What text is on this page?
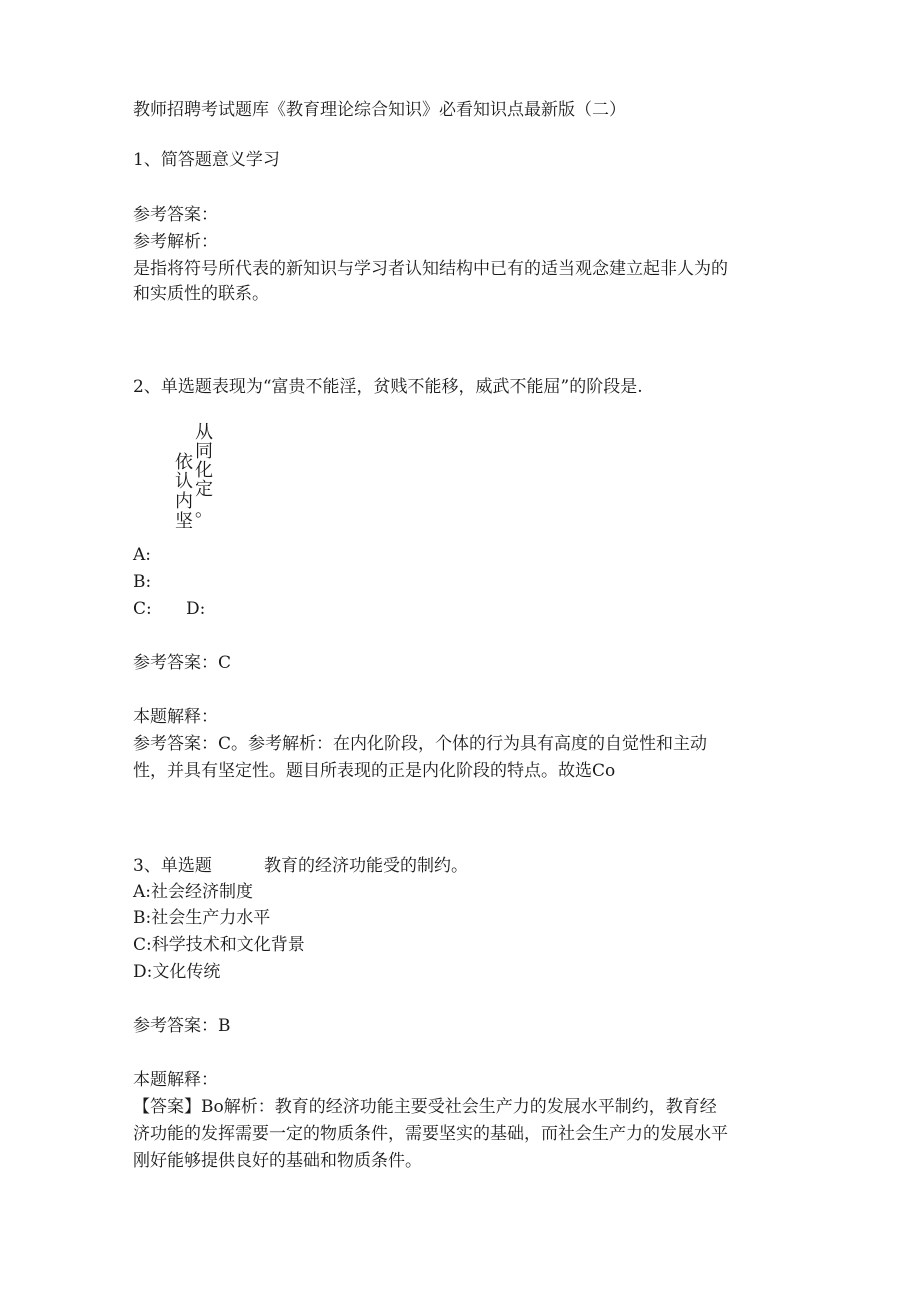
教师招聘考试题库《教育理论综合知识》必看知识点最新版（二）
1、简答题意义学习
参考答案：
参考解析：
是指将符号所代表的新知识与学习者认知结构中已有的适当观念建立起非人为的
和实质性的联系。
2、单选题表现为“富贵不能淫，贫贱不能移，威武不能屈”的阶段是.
从
同
化
定
。
依
认
内
坚
A:
B:
C: D:
参考答案：C
本题解释：
参考答案：C。参考解析：在内化阶段，个体的行为具有高度的自觉性和主动
性，并具有坚定性。题目所表现的正是内化阶段的特点。故选Co
3、单选题	教育的经济功能受的制约。
A:社会经济制度
B:社会生产力水平
C:科学技术和文化背景
D:文化传统
参考答案：B
本题解释：
【答案】Bo解析：教育的经济功能主要受社会生产力的发展水平制约，教育经
济功能的发挥需要一定的物质条件，需要坚实的基础，而社会生产力的发展水平
刚好能够提供良好的基础和物质条件。
